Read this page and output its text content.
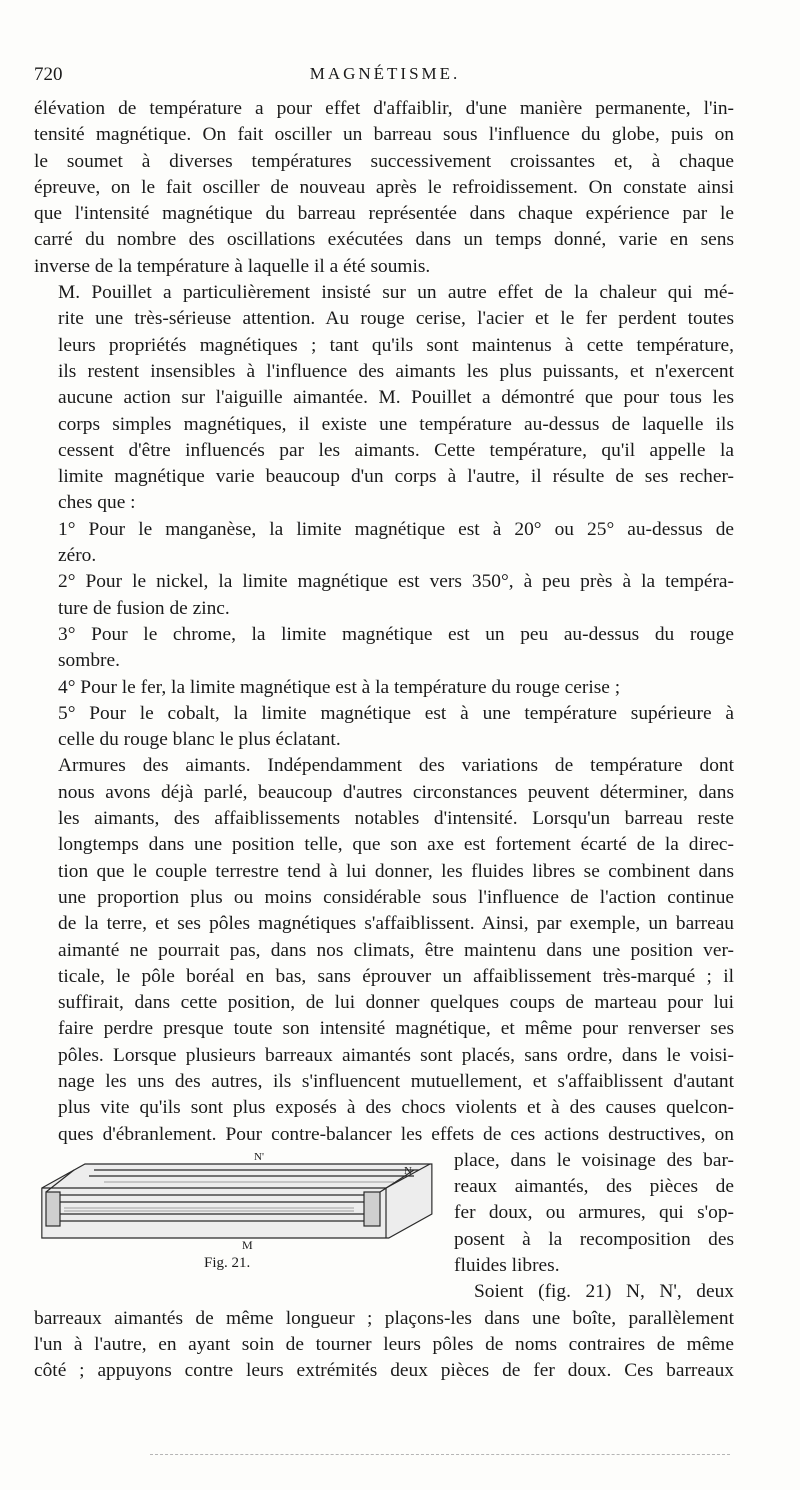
720	MAGNÉTISME.

élévation de température a pour effet d'affaiblir, d'une manière permanente, l'in-
tensité magnétique. On fait osciller un barreau sous l'influence du globe, puis on
le soumet à diverses températures successivement croissantes et, à chaque
épreuve, on le fait osciller de nouveau après le refroidissement. On constate ainsi
que l'intensité magnétique du barreau représentée dans chaque expérience par le
carré du nombre des oscillations exécutées dans un temps donné, varie en sens
inverse de la température à laquelle il a été soumis.

M. Pouillet a particulièrement insisté sur un autre effet de la chaleur qui mé-
rite une très-sérieuse attention. Au rouge cerise, l'acier et le fer perdent toutes
leurs propriétés magnétiques ; tant qu'ils sont maintenus à cette température,
ils restent insensibles à l'influence des aimants les plus puissants, et n'exercent
aucune action sur l'aiguille aimantée. M. Pouillet a démontré que pour tous les
corps simples magnétiques, il existe une température au-dessus de laquelle ils
cessent d'être influencés par les aimants. Cette température, qu'il appelle la
limite magnétique varie beaucoup d'un corps à l'autre, il résulte de ses recher-
ches que :

1° Pour le manganèse, la limite magnétique est à 20° ou 25° au-dessus de
zéro.

2° Pour le nickel, la limite magnétique est vers 350°, à peu près à la tempéra-
ture de fusion de zinc.

3° Pour le chrome, la limite magnétique est un peu au-dessus du rouge
sombre.

4° Pour le fer, la limite magnétique est à la température du rouge cerise ;

5° Pour le cobalt, la limite magnétique est à une température supérieure à
celle du rouge blanc le plus éclatant.

Armures des aimants. Indépendamment des variations de température dont
nous avons déjà parlé, beaucoup d'autres circonstances peuvent déterminer, dans
les aimants, des affaiblissements notables d'intensité. Lorsqu'un barreau reste
longtemps dans une position telle, que son axe est fortement écarté de la direc-
tion que le couple terrestre tend à lui donner, les fluides libres se combinent dans
une proportion plus ou moins considérable sous l'influence de l'action continue
de la terre, et ses pôles magnétiques s'affaiblissent. Ainsi, par exemple, un barreau
aimanté ne pourrait pas, dans nos climats, être maintenu dans une position ver-
ticale, le pôle boréal en bas, sans éprouver un affaiblissement très-marqué ; il
suffirait, dans cette position, de lui donner quelques coups de marteau pour lui
faire perdre presque toute son intensité magnétique, et même pour renverser ses
pôles. Lorsque plusieurs barreaux aimantés sont placés, sans ordre, dans le voisi-
nage les uns des autres, ils s'influencent mutuellement, et s'affaiblissent d'autant
plus vite qu'ils sont plus exposés à des chocs violents et à des causes quelcon-
ques d'ébranlement. Pour contre-balancer les effets de ces actions destructives, on

N'
N
M
Fig. 21.
place, dans le voisinage des bar-
reaux aimantés, des pièces de
fer doux, ou armures, qui s'op-
posent à la recomposition des
fluides libres.
Soient (fig. 21) N, N', deux

barreaux aimantés de même longueur ; plaçons-les dans une boîte, parallèlement
l'un à l'autre, en ayant soin de tourner leurs pôles de noms contraires de même
côté ; appuyons contre leurs extrémités deux pièces de fer doux. Ces barreaux
